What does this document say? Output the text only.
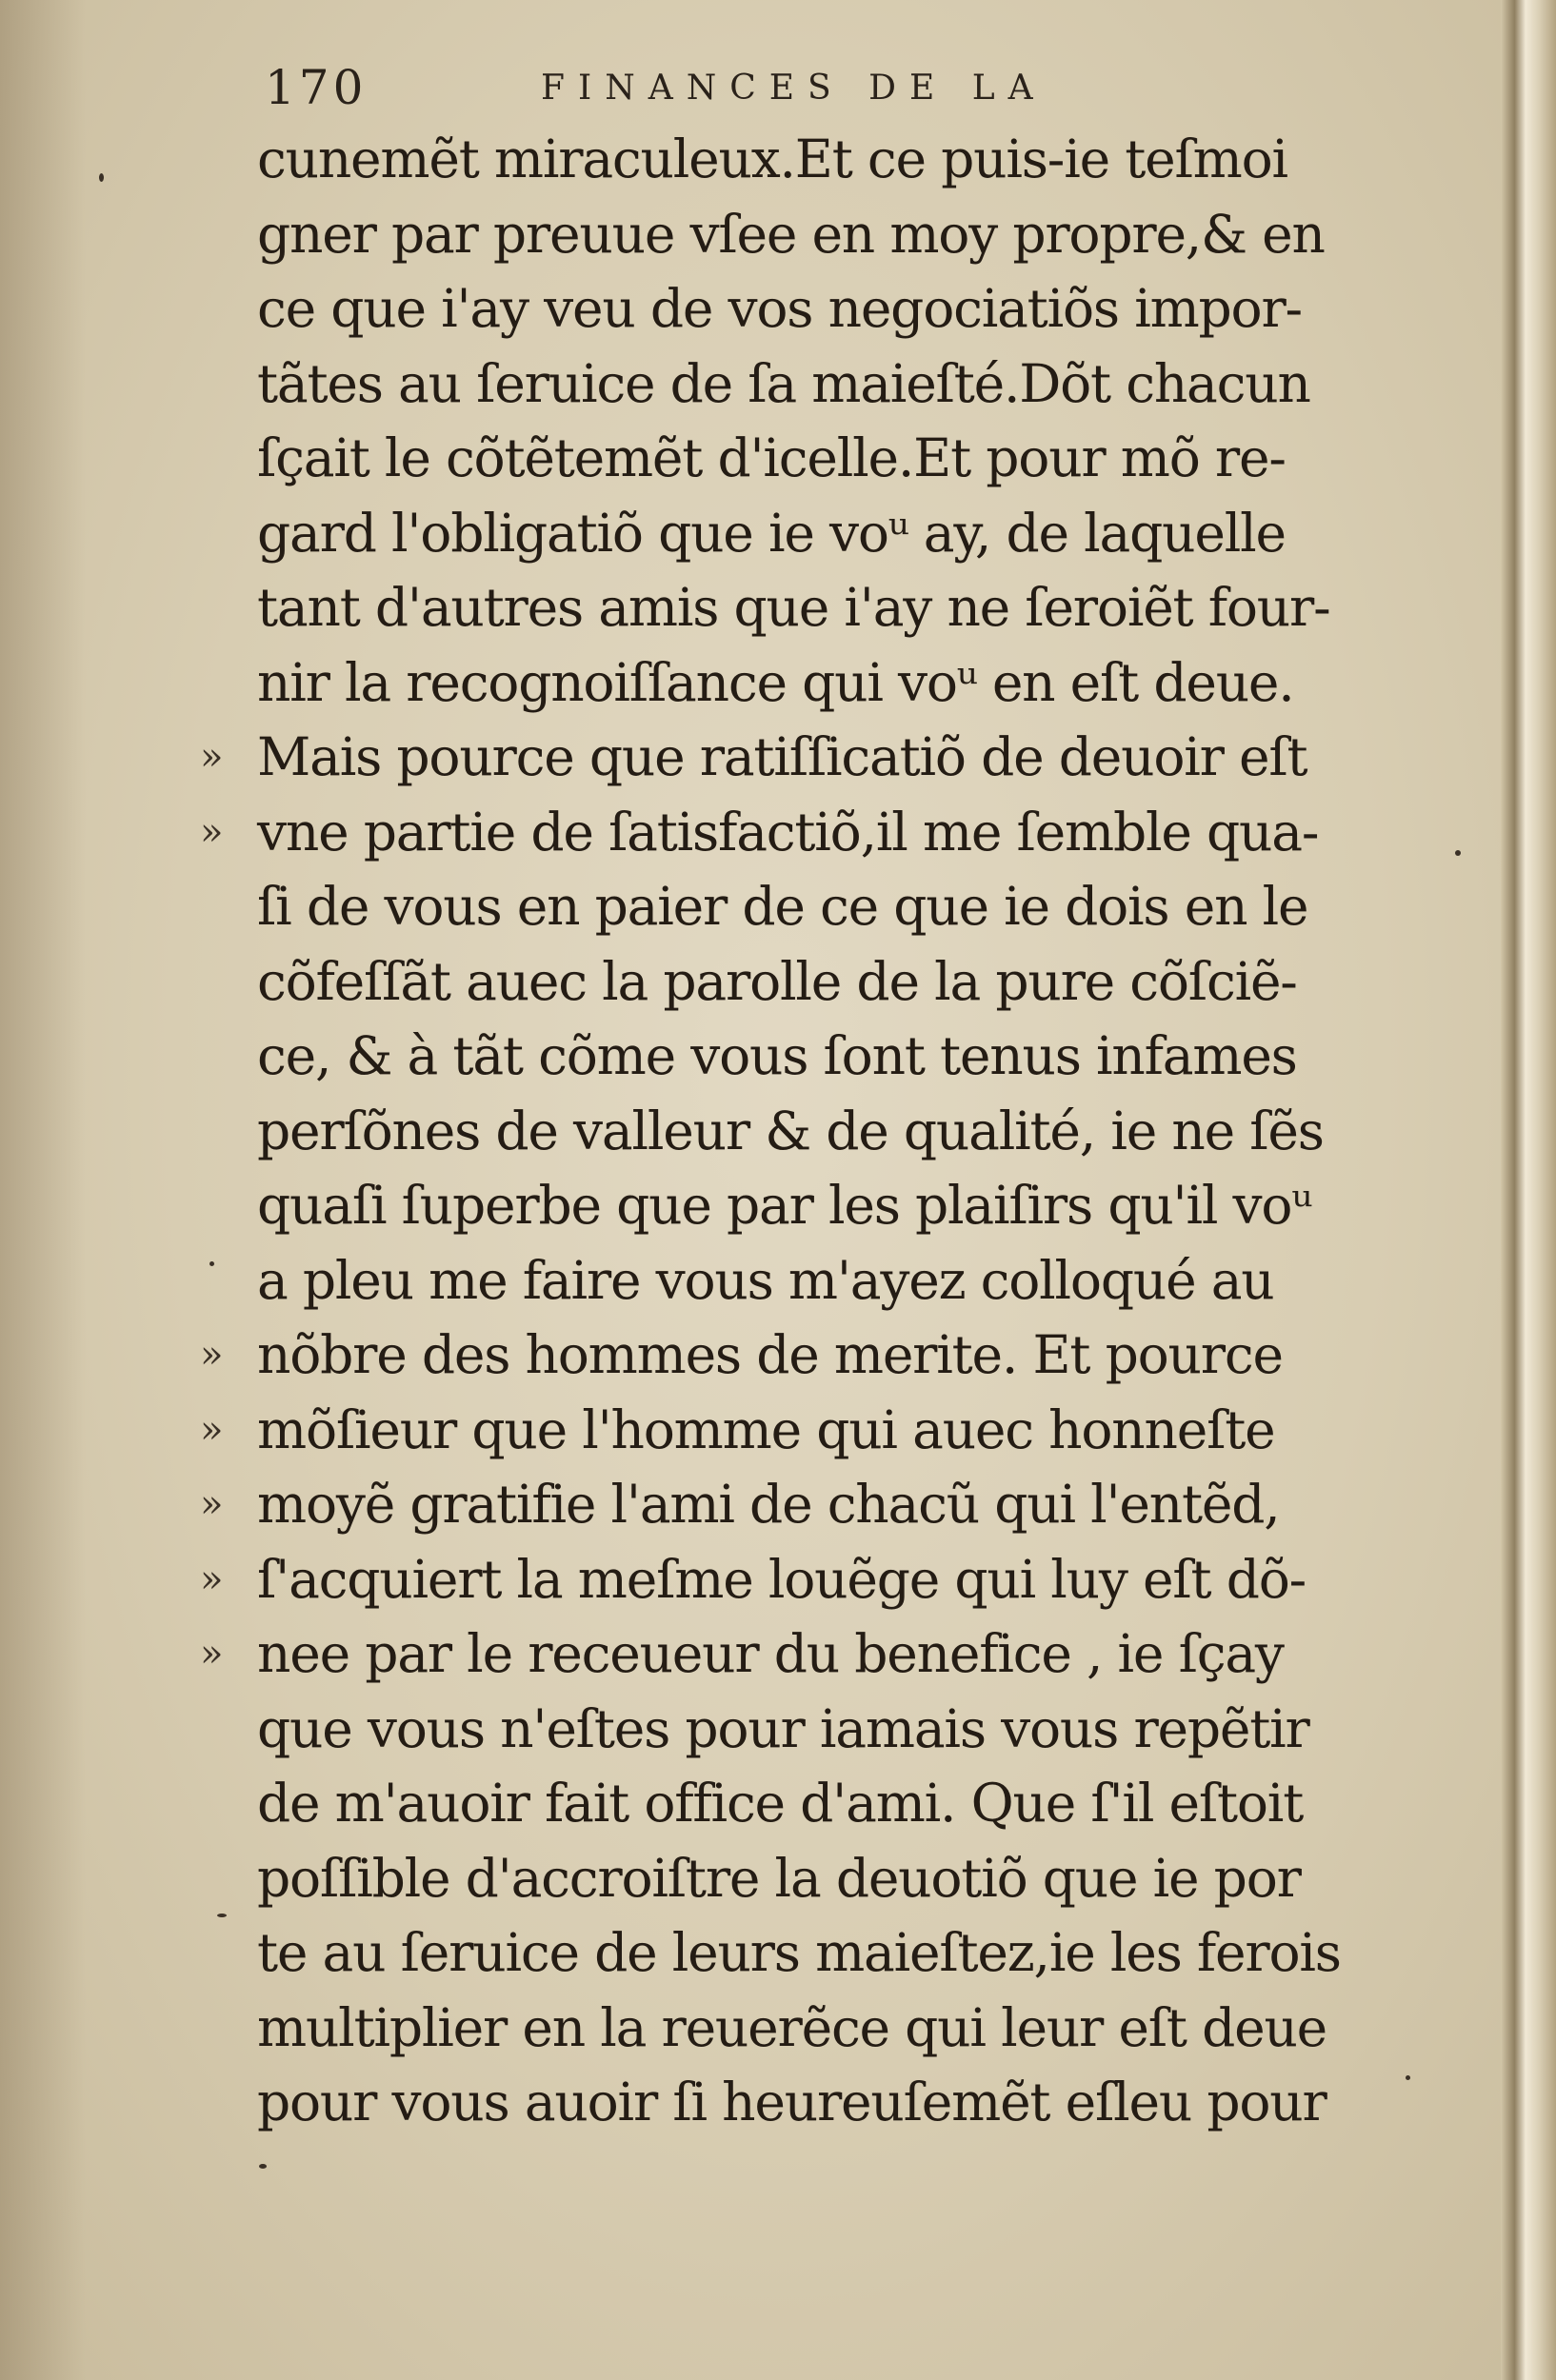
170	FINANCES DE LA
cunemẽt miraculeux.Et ce puis-ie teſmoi
gner par preuue vſee en moy propre,& en
ce que i'ay veu de vos negociatiõs impor-
tãtes au ſeruice de ſa maieſté.Dõt chacun
ſçait le cõtẽtemẽt d'icelle.Et pour mõ re-
gard l'obligatiõ que ie voᵘ ay, de laquelle
tant d'autres amis que i'ay ne ſeroiẽt four-
nir la recognoiſſance qui voᵘ en eſt deue.
» Mais pource que ratiſſicatiõ de deuoir eſt
» vne partie de ſatisfactiõ,il me ſemble qua-
ſi de vous en paier de ce que ie dois en le
cõfeſſãt auec la parolle de la pure cõſciẽ-
ce, & à tãt cõme vous ſont tenus infames
perſõnes de valleur & de qualité, ie ne ſẽs
quaſi ſuperbe que par les plaiſirs qu'il voᵘ
a pleu me faire vous m'ayez colloqué au
» nõbre des hommes de merite. Et pource
» mõſieur que l'homme qui auec honneſte
» moyẽ gratifie l'ami de chacũ qui l'entẽd,
» ſ'acquiert la meſme louẽge qui luy eſt dõ-
» nee par le receueur du benefice , ie ſçay
que vous n'eſtes pour iamais vous repẽtir
de m'auoir fait office d'ami. Que ſ'il eſtoit
poſſible d'accroiſtre la deuotiõ que ie por
te au ſeruice de leurs maieſtez,ie les ferois
multiplier en la reuerẽce qui leur eſt deue
pour vous auoir ſi heureuſemẽt eſleu pour
